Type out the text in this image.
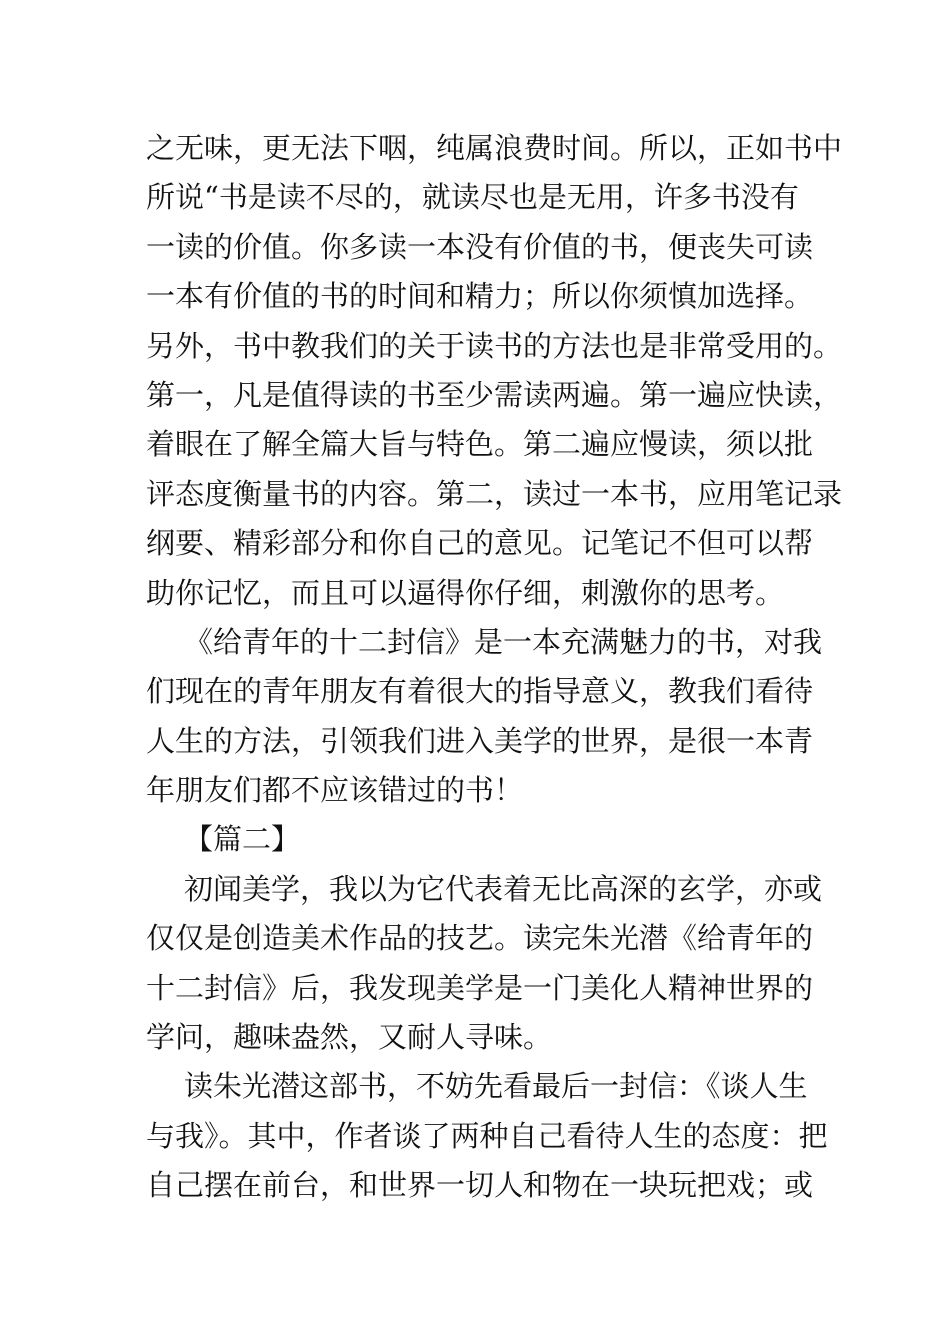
之无味，更无法下咽，纯属浪费时间。所以，正如书中
所说“书是读不尽的，就读尽也是无用，许多书没有
一读的价值。你多读一本没有价值的书，便丧失可读
一本有价值的书的时间和精力；所以你须慎加选择。
另外，书中教我们的关于读书的方法也是非常受用的。
第一，凡是值得读的书至少需读两遍。第一遍应快读，
着眼在了解全篇大旨与特色。第二遍应慢读，须以批
评态度衡量书的内容。第二，读过一本书，应用笔记录
纲要、精彩部分和你自己的意见。记笔记不但可以帮
助你记忆，而且可以逼得你仔细，刺激你的思考。
《给青年的十二封信》是一本充满魅力的书，对我
们现在的青年朋友有着很大的指导意义，教我们看待
人生的方法，引领我们进入美学的世界，是很一本青
年朋友们都不应该错过的书！
【篇二】
初闻美学，我以为它代表着无比高深的玄学，亦或
仅仅是创造美术作品的技艺。读完朱光潜《给青年的
十二封信》后，我发现美学是一门美化人精神世界的
学问，趣味盎然，又耐人寻味。
读朱光潜这部书，不妨先看最后一封信：《谈人生
与我》。其中，作者谈了两种自己看待人生的态度：把
自己摆在前台，和世界一切人和物在一块玩把戏；或
